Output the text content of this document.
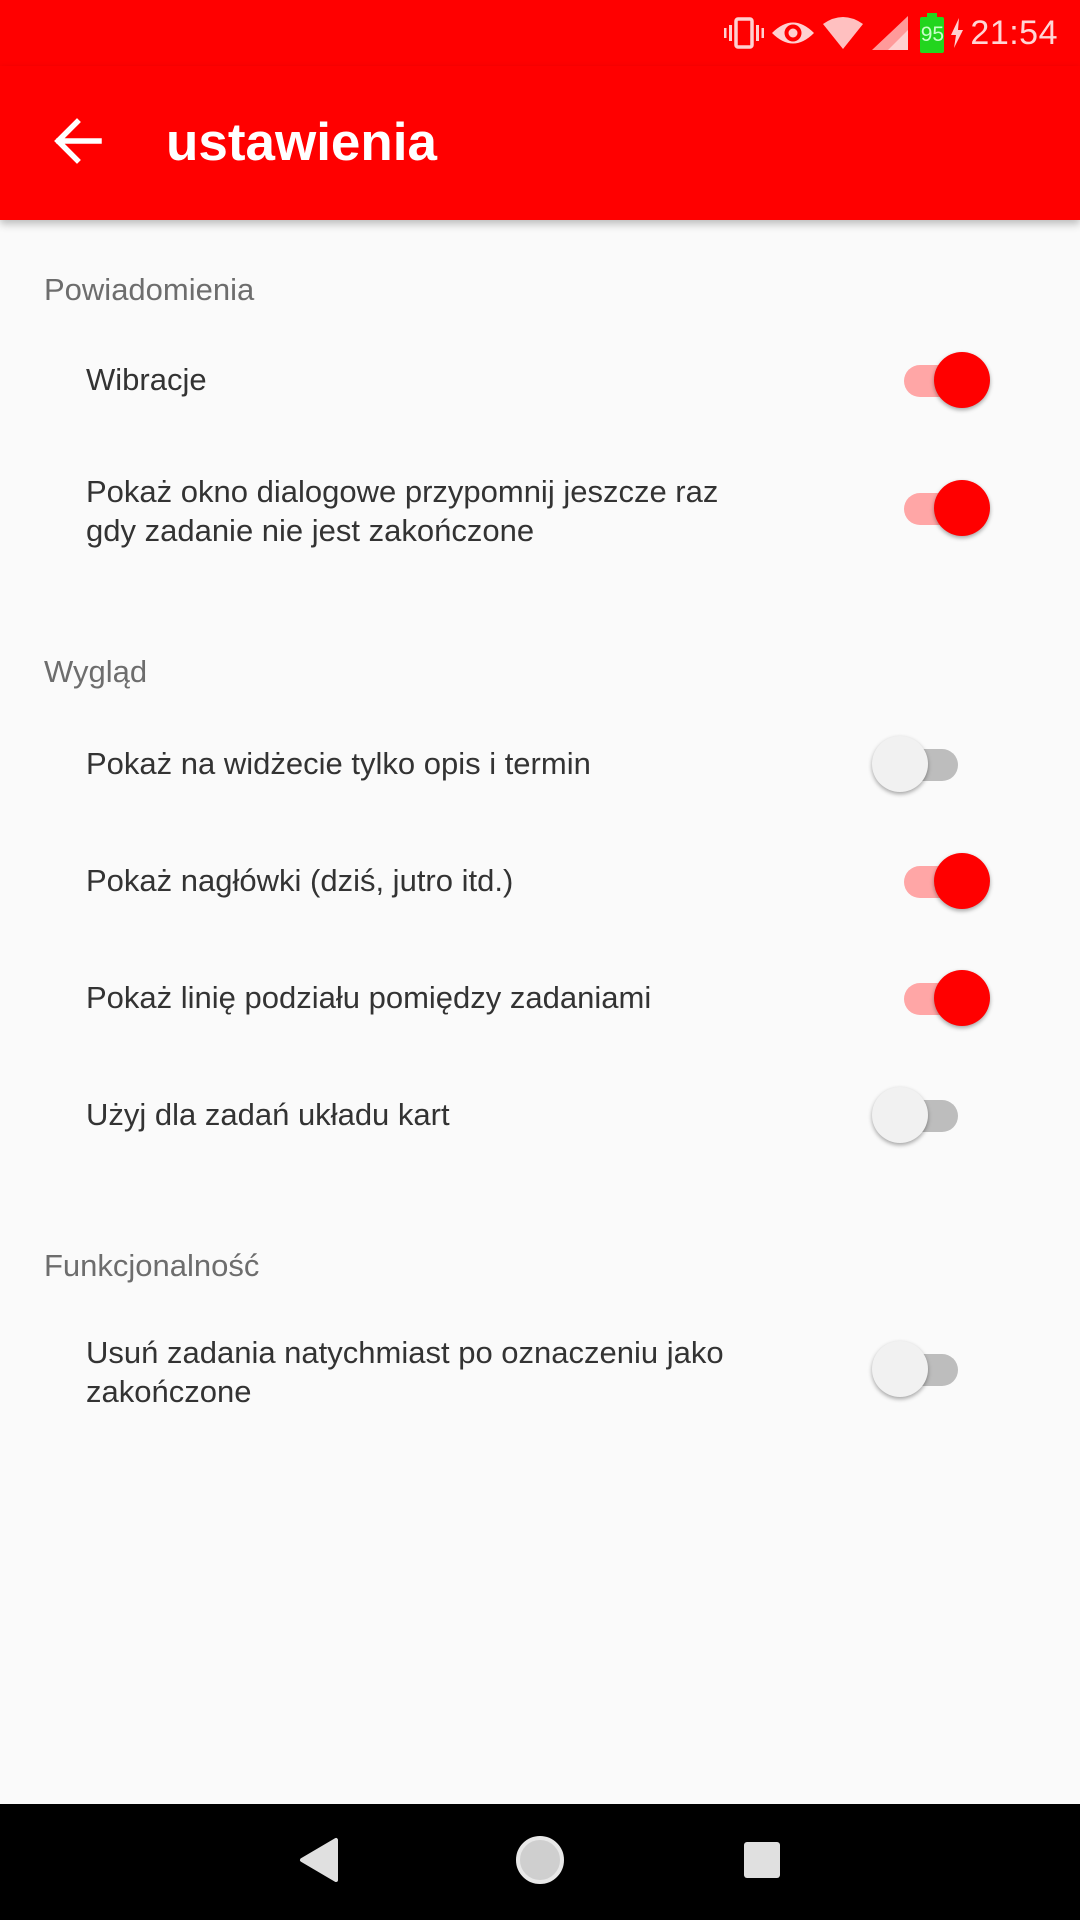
95 21:54
ustawienia
Powiadomienia
Wibracje
Pokaż okno dialogowe przypomnij jeszcze raz gdy zadanie nie jest zakończone
Wygląd
Pokaż na widżecie tylko opis i termin
Pokaż nagłówki (dziś, jutro itd.)
Pokaż linię podziału pomiędzy zadaniami
Użyj dla zadań układu kart
Funkcjonalność
Usuń zadania natychmiast po oznaczeniu jako zakończone
